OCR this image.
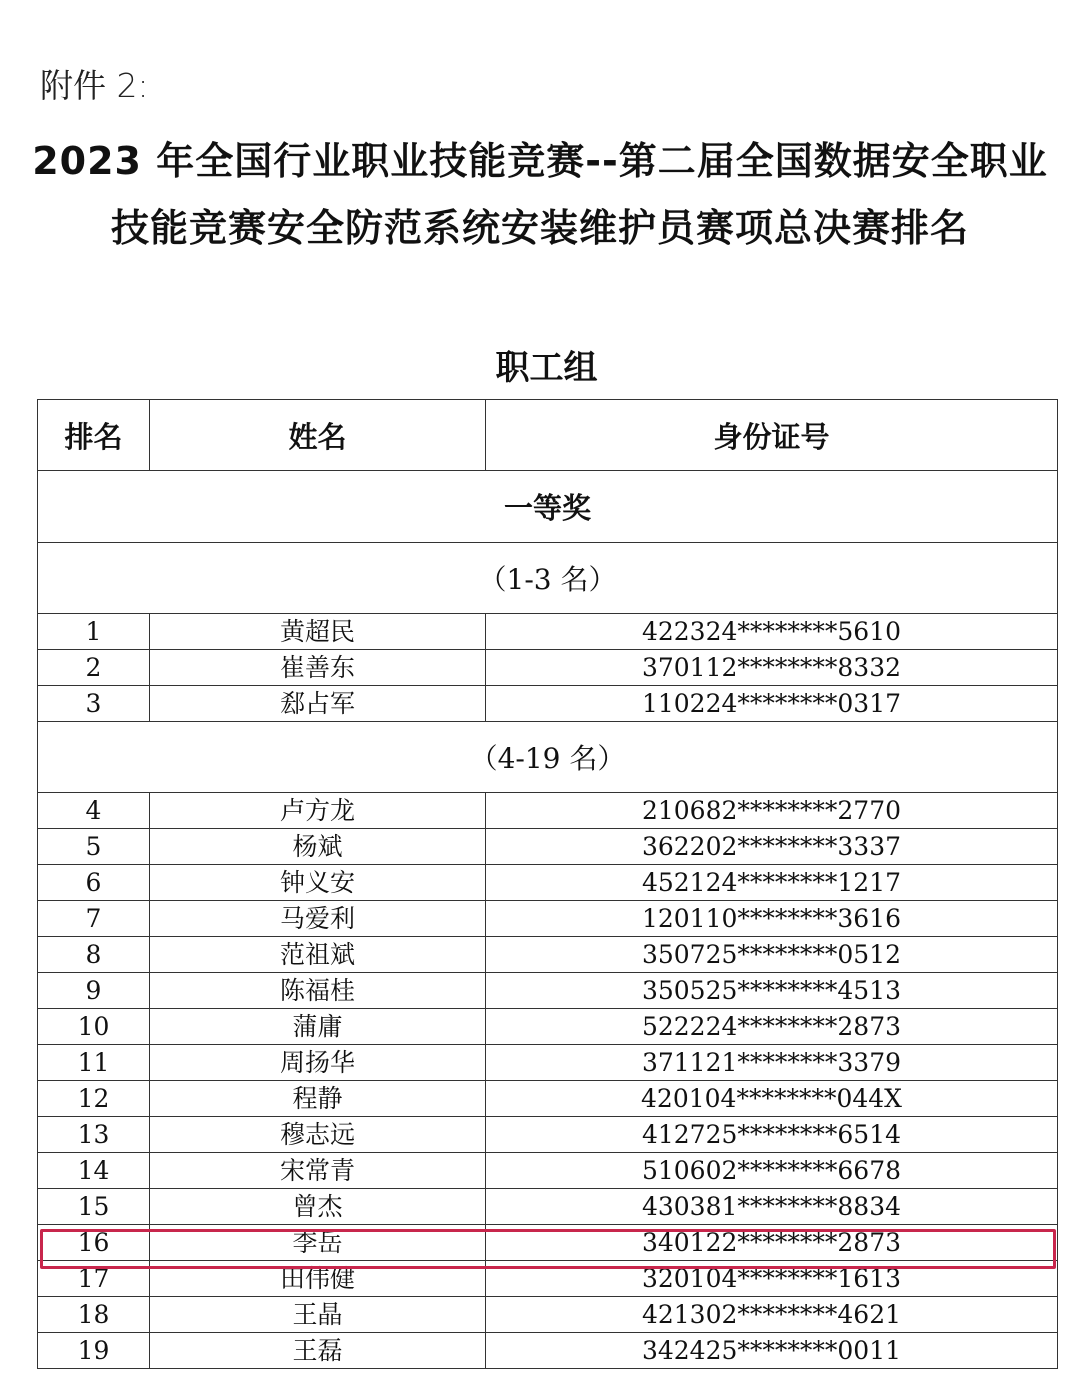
附件 2:
2023 年全国行业职业技能竞赛--第二届全国数据安全职业
技能竞赛安全防范系统安装维护员赛项总决赛排名
职工组
排名	姓名	身份证号
一等奖		
（1-3 名）		
1	黄超民	422324********5610
2	崔善东	370112********8332
3	郄占军	110224********0317
（4-19 名）		
4	卢方龙	210682********2770
5	杨斌	362202********3337
6	钟义安	452124********1217
7	马爱利	120110********3616
8	范祖斌	350725********0512
9	陈福桂	350525********4513
10	蒲庸	522224********2873
11	周扬华	371121********3379
12	程静	420104********044X
13	穆志远	412725********6514
14	宋常青	510602********6678
15	曾杰	430381********8834
16	李岳	340122********2873
17	田伟健	320104********1613
18	王晶	421302********4621
19	王磊	342425********0011
